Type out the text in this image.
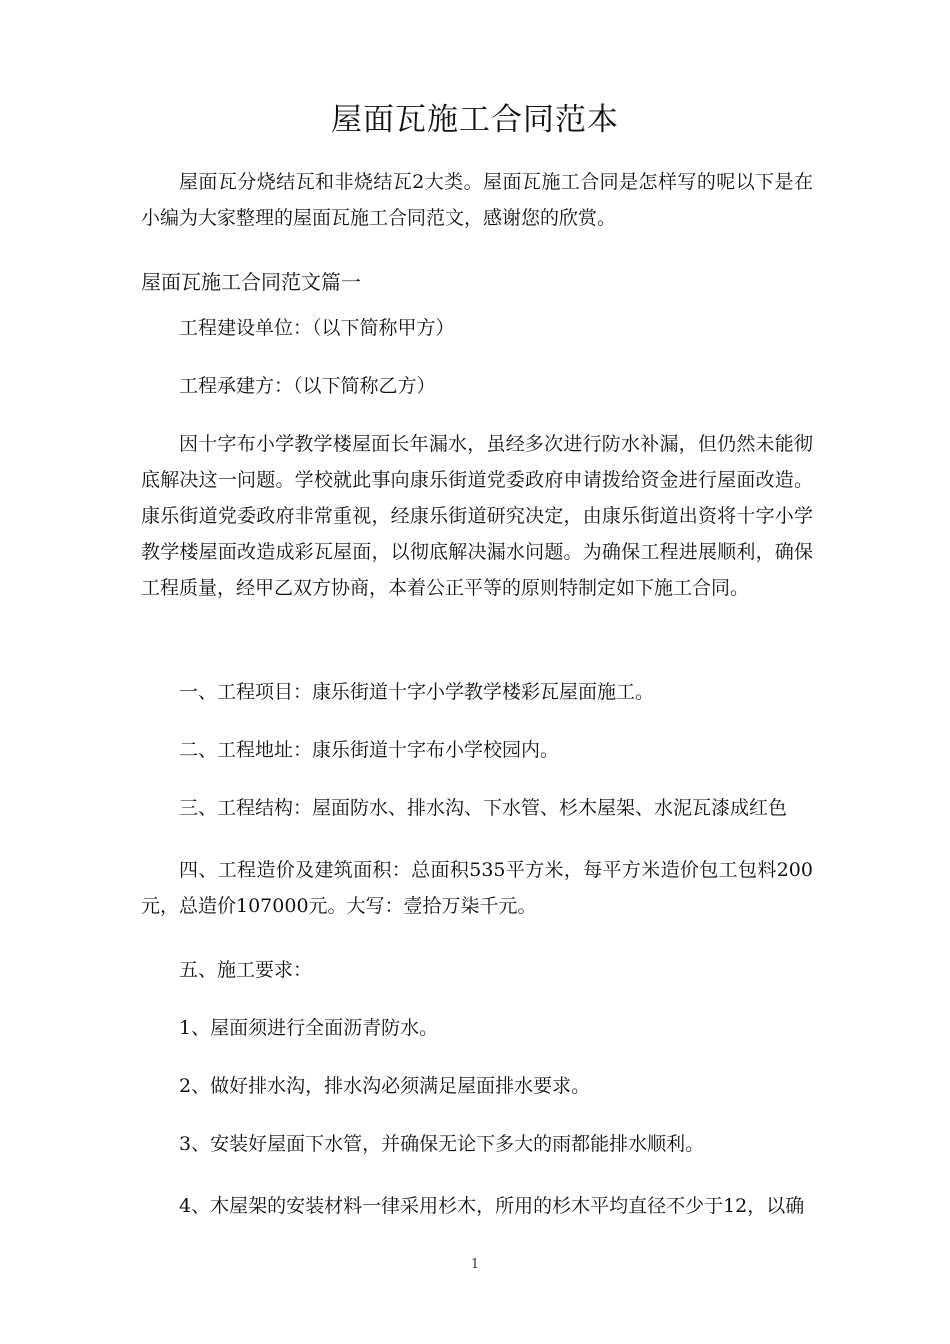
屋面瓦施工合同范本
屋面瓦分烧结瓦和非烧结瓦2大类。屋面瓦施工合同是怎样写的呢以下是在小编为大家整理的屋面瓦施工合同范文，感谢您的欣赏。
屋面瓦施工合同范文篇一
工程建设单位：（以下简称甲方）
工程承建方：（以下简称乙方）
因十字布小学教学楼屋面长年漏水，虽经多次进行防水补漏，但仍然未能彻底解决这一问题。学校就此事向康乐街道党委政府申请拨给资金进行屋面改造。康乐街道党委政府非常重视，经康乐街道研究决定，由康乐街道出资将十字小学教学楼屋面改造成彩瓦屋面，以彻底解决漏水问题。为确保工程进展顺利，确保工程质量，经甲乙双方协商，本着公正平等的原则特制定如下施工合同。
一、工程项目：康乐街道十字小学教学楼彩瓦屋面施工。
二、工程地址：康乐街道十字布小学校园内。
三、工程结构：屋面防水、排水沟、下水管、杉木屋架、水泥瓦漆成红色
四、工程造价及建筑面积：总面积535平方米，每平方米造价包工包料200元，总造价107000元。大写：壹拾万柒千元。
五、施工要求：
1、屋面须进行全面沥青防水。
2、做好排水沟，排水沟必须满足屋面排水要求。
3、安装好屋面下水管，并确保无论下多大的雨都能排水顺利。
4、木屋架的安装材料一律采用杉木，所用的杉木平均直径不少于12，以确
1
